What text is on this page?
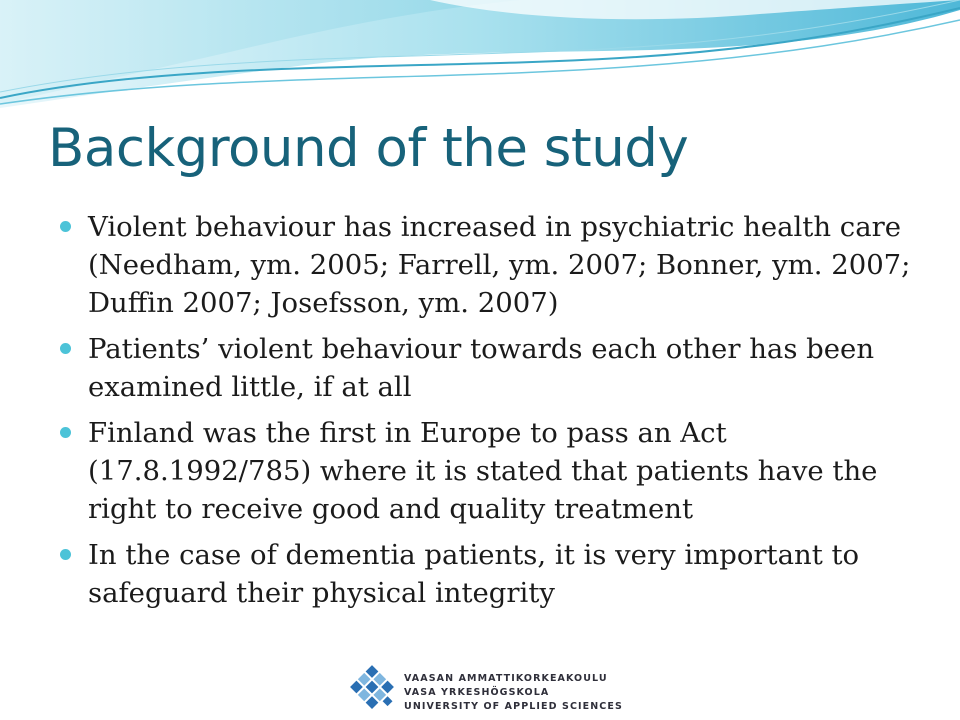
Background of the study
Violent behaviour has increased in psychiatric health care (Needham, ym. 2005; Farrell, ym. 2007; Bonner, ym. 2007; Duffin 2007; Josefsson, ym. 2007)
Patients’ violent behaviour towards each other has been examined little, if at all
Finland was the first in Europe to pass an Act (17.8.1992/785) where it is stated that patients have the right to receive good and quality treatment
In the case of dementia patients, it is very important to safeguard their physical integrity
VAASAN AMMATTIKORKEAKOULU
VASA YRKESHÖGSKOLA
UNIVERSITY OF APPLIED SCIENCES
